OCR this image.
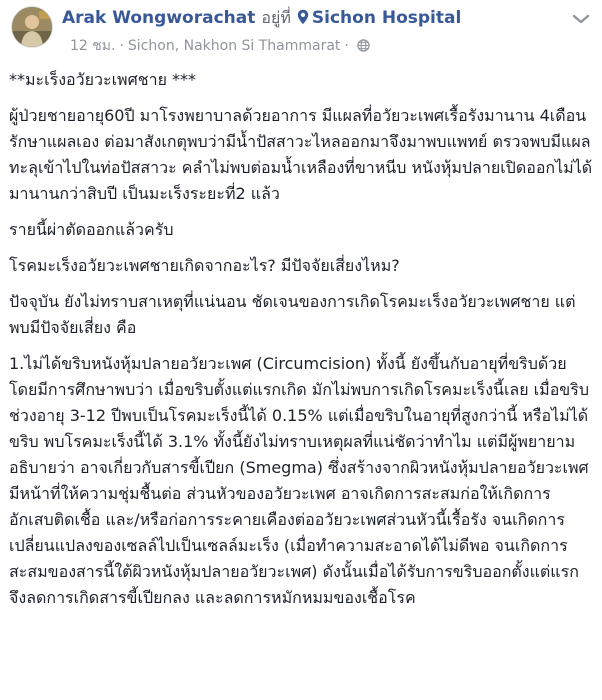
Arak Wongworachat อยู่ที่ Sichon Hospital
12 ชม. · Sichon, Nakhon Si Thammarat ·

**มะเร็งอวัยวะเพศชาย ***

ผู้ป่วยชายอายุ60ปี มาโรงพยาบาลด้วยอาการ มีแผลที่อวัยวะเพศเรื้อรังมานาน 4เดือน รักษาแผลเอง ต่อมาสังเกตุพบว่ามีน้ำปัสสาวะไหลออกมาจึงมาพบแพทย์ ตรวจพบมีแผลทะลุเข้าไปในท่อปัสสาวะ คลำไม่พบต่อมน้ำเหลืองที่ขาหนีบ หนังหุ้มปลายเปิดออกไม่ได้มานานกว่าสิบปี เป็นมะเร็งระยะที่2 แล้ว

รายนี้ผ่าตัดออกแล้วครับ

โรคมะเร็งอวัยวะเพศชายเกิดจากอะไร? มีปัจจัยเสี่ยงไหม?

ปัจจุบัน ยังไม่ทราบสาเหตุที่แน่นอน ชัดเจนของการเกิดโรคมะเร็งอวัยวะเพศชาย แต่พบมีปัจจัยเสี่ยง คือ

1.ไม่ได้ขริบหนังหุ้มปลายอวัยวะเพศ (Circumcision) ทั้งนี้ ยังขึ้นกับอายุที่ขริบด้วย โดยมีการศึกษาพบว่า เมื่อขริบตั้งแต่แรกเกิด มักไม่พบการเกิดโรคมะเร็งนี้เลย เมื่อขริบช่วงอายุ 3-12 ปีพบเป็นโรคมะเร็งนี้ได้ 0.15% แต่เมื่อขริบในอายุที่สูงกว่านี้ หรือไม่ได้ขริบ พบโรคมะเร็งนี้ได้ 3.1% ทั้งนี้ยังไม่ทราบเหตุผลที่แน่ชัดว่าทำไม แต่มีผู้พยายามอธิบายว่า อาจเกี่ยวกับสารขี้เปียก (Smegma) ซึ่งสร้างจากผิวหนังหุ้มปลายอวัยวะเพศ มีหน้าที่ให้ความชุ่มชื้นต่อ ส่วนหัวของอวัยวะเพศ อาจเกิดการสะสมก่อให้เกิดการอักเสบติดเชื้อ และ/หรือก่อการระคายเคืองต่ออวัยวะเพศส่วนหัวนี้เรื้อรัง จนเกิดการเปลี่ยนแปลงของเซลล์ไปเป็นเซลล์มะเร็ง (เมื่อทำความสะอาดได้ไม่ดีพอ จนเกิดการสะสมของสารนี้ใต้ผิวหนังหุ้มปลายอวัยวะเพศ) ดังนั้นเมื่อได้รับการขริบออกตั้งแต่แรก จึงลดการเกิดสารขี้เปียกลง และลดการหมักหมมของเชื้อโรค
